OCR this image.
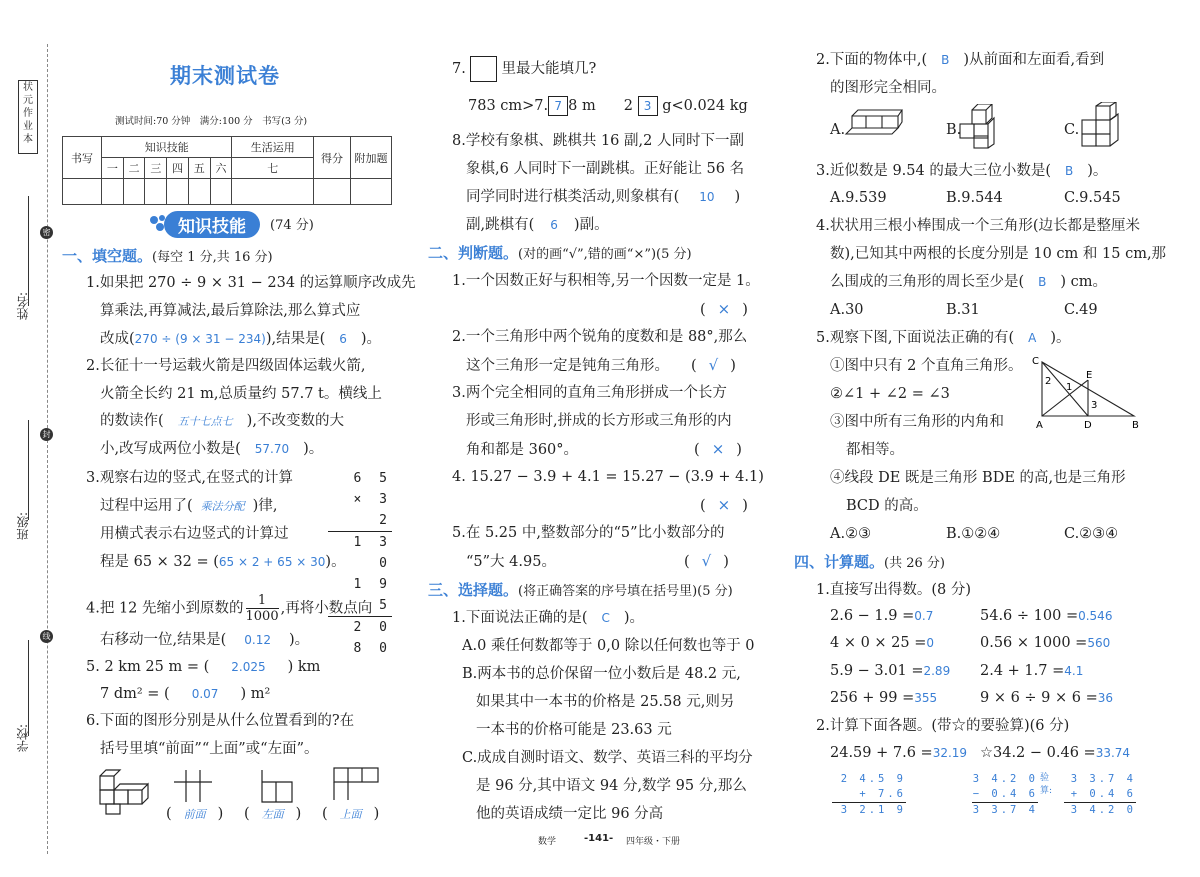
状元作业本
姓名:
班级:
学校:
密
封
线
期末测试卷
测试时间:70 分钟　满分:100 分　书写(3 分)
书写	知识技能						生活运用	得分	附加题
	一	二	三	四	五	六	七		

知识技能	(74 分)
一、填空题。(每空 1 分,共 16 分)
1.如果把 270 ÷ 9 × 31 − 234 的运算顺序改成先
算乘法,再算减法,最后算除法,那么算式应
改成(270 ÷ (9 × 31 − 234)),结果是( 6 )。
2.长征十一号运载火箭是四级固体运载火箭,
火箭全长约 21 m,总质量约 57.7 t。横线上
的数读作( 五十七点七 ),不改变数的大
小,改写成两位小数是( 57.70 )。
3.观察右边的竖式,在竖式的计算
过程中运用了( 乘法分配 )律,
用横式表示右边竖式的计算过
程是 65 × 32 = (65 × 2 + 65 × 30)。
6 5
× 3 2
1 3 0
1 9 5
2 0 8 0
4.把 12 先缩小到原数的 $\frac{1}{1000}$ ,再将小数点向
右移动一位,结果是( 0.12 )。
5. 2 km 25 m = ( 2.025 ) km
7 dm² = ( 0.07 ) m²
6.下面的图形分别是从什么位置看到的?在
括号里填“前面”“上面”或“左面”。
( 前面 ) ( 左面 ) ( 上面 )
7. 里最大能填几?
783 cm>7. 7 8 m 2 3 g<0.024 kg
8.学校有象棋、跳棋共 16 副,2 人同时下一副
象棋,6 人同时下一副跳棋。正好能让 56 名
同学同时进行棋类活动,则象棋有( 10 )
副,跳棋有( 6 )副。
二、判断题。(对的画“√”,错的画“×”)(5 分)
1.一个因数正好与积相等,另一个因数一定是 1。
( × )
2.一个三角形中两个锐角的度数和是 88°,那么
这个三角形一定是钝角三角形。 ( √ )
3.两个完全相同的直角三角形拼成一个长方
形或三角形时,拼成的长方形或三角形的内
角和都是 360°。	( × )
4. 15.27 − 3.9 + 4.1 = 15.27 − (3.9 + 4.1)
( × )
5.在 5.25 中,整数部分的“5”比小数部分的
“5”大 4.95。	( √ )
三、选择题。(将正确答案的序号填在括号里)(5 分)
1.下面说法正确的是( C )。
A.0 乘任何数都等于 0,0 除以任何数也等于 0
B.两本书的总价保留一位小数后是 48.2 元,
如果其中一本书的价格是 25.58 元,则另
一本书的价格可能是 23.63 元
C.成成自测时语文、数学、英语三科的平均分
是 96 分,其中语文 94 分,数学 95 分,那么
他的英语成绩一定比 96 分高
2.下面的物体中,( B )从前面和左面看,看到
的图形完全相同。
A.	B.	C.
3.近似数是 9.54 的最大三位小数是( B )。
A.9.539	B.9.544	C.9.545
4.状状用三根小棒围成一个三角形(边长都是整厘米
数),已知其中两根的长度分别是 10 cm 和 15 cm,那
么围成的三角形的周长至少是( B ) cm。
A.30	B.31	C.49
5.观察下图,下面说法正确的有( A )。
①图中只有 2 个直角三角形。
②∠1 + ∠2 = ∠3
③图中所有三角形的内角和
都相等。
④线段 DE 既是三角形 BDE 的高,也是三角形
BCD 的高。
C
E
A	D	B
1
2
3
A.②③	B.①②④	C.②③④
四、计算题。(共 26 分)
1.直接写出得数。(8 分)
2.6 − 1.9 =0.7	54.6 ÷ 100 =0.546
4 × 0 × 25 =0	0.56 × 1000 =560
5.9 − 3.01 =2.89 2.4 + 1.7 =4.1
256 + 99 =355	9 × 6 ÷ 9 × 6 =36
2.计算下面各题。(带☆的要验算)(6 分)
24.59 + 7.6 =32.19 ☆34.2 − 0.46 =33.74
2 4.5 9
+ 7.6
3 2.1 9
3 4.2 0
− 0.4 6
3 3.7 4
验算:
3 3.7 4
+ 0.4 6
3 4.2 0
数学	-141- 四年级・下册
